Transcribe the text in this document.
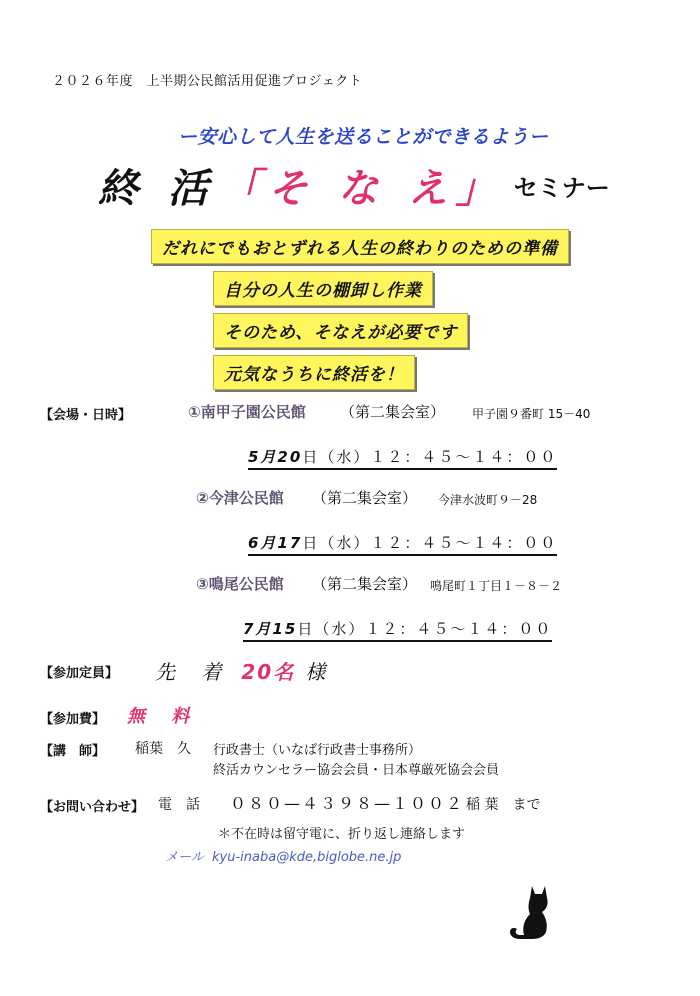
２０２６年度　上半期公民館活用促進プロジェクト
ー安心して人生を送ることができるようー
終 活 「そ な え」 セミナー
だれにでもおとずれる人生の終わりのための準備
自分の人生の棚卸し作業
そのため、そなえが必要です
元気なうちに終活を！
【会場・日時】	①南甲子園公民館 （第二集会室） 甲子園９番町 15－40
5月20日（水）１２：４５～１４：００
②今津公民館 （第二集会室） 今津水波町９－28
6月17日（水）１２：４５～１４：００
③鳴尾公民館 （第二集会室） 鳴尾町１丁目１－８－２
7月15日（水）１２：４５～１４：００
【参加定員】 先 着 20名 様
【参加費】 無 料
【講　師】 稲葉　久 行政書士（いなば行政書士事務所）
終活カウンセラー協会会員・日本尊厳死協会会員
【お問い合わせ】 電　話 ０８０—４３９８—１００２ 稲 葉　まで
＊不在時は留守電に、折り返し連絡します
メール kyu-inaba@kde,biglobe.ne.jp
